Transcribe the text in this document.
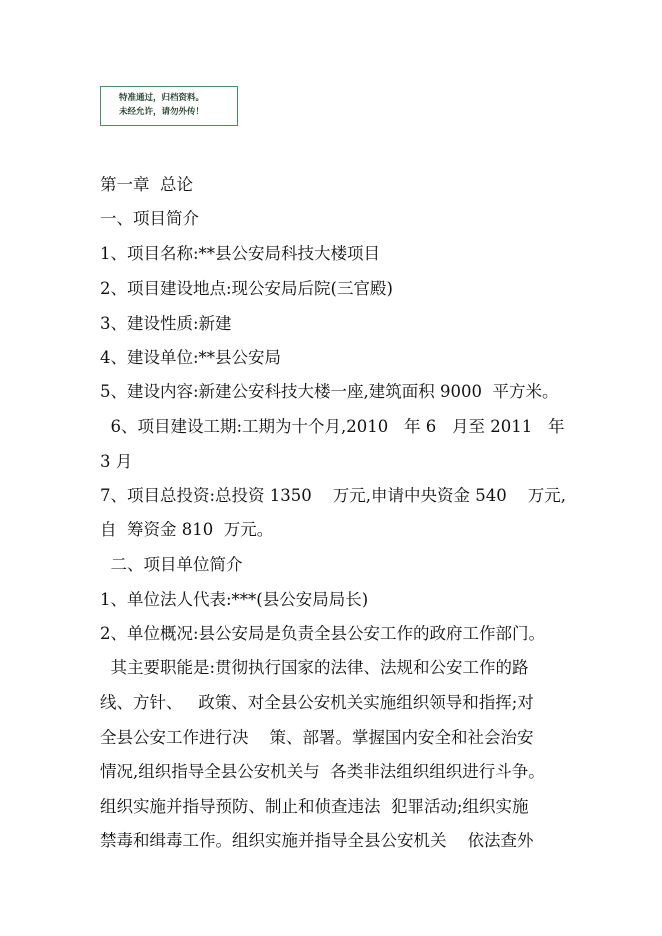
特准通过，归档资料。
未经允许，请勿外传！
第一章  总论
一、项目简介
1、项目名称:**县公安局科技大楼项目
2、项目建设地点:现公安局后院(三官殿)
3、建设性质:新建
4、建设单位:**县公安局
5、建设内容:新建公安科技大楼一座,建筑面积 9000  平方米。
6、项目建设工期:工期为十个月,2010   年 6   月至 2011   年
3 月
7、项目总投资:总投资 1350    万元,申请中央资金 540    万元,
自  筹资金 810  万元。
二、项目单位简介
1、单位法人代表:***(县公安局局长)
2、单位概况:县公安局是负责全县公安工作的政府工作部门。
其主要职能是:贯彻执行国家的法律、法规和公安工作的路
线、方针、   政策、对全县公安机关实施组织领导和指挥;对
全县公安工作进行决    策、部署。掌握国内安全和社会治安
情况,组织指导全县公安机关与  各类非法组织组织进行斗争。
组织实施并指导预防、制止和侦查违法  犯罪活动;组织实施
禁毒和缉毒工作。组织实施并指导全县公安机关    依法查外
